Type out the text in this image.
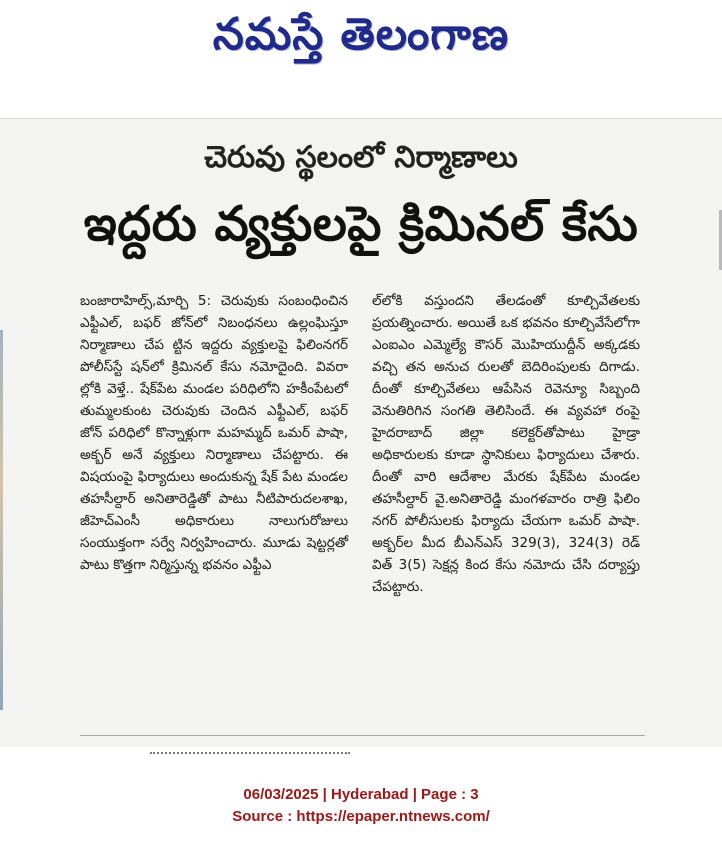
నమస్తే తెలంగాణ
చెరువు స్థలంలో నిర్మాణాలు
ఇద్దరు వ్యక్తులపై క్రిమినల్ కేసు
బంజారాహిల్స్,మార్చి 5: చెరువుకు సంబంధించిన ఎఫ్టీఎల్, బఫర్ జోన్‌లో నిబంధనలు ఉల్లంఘిస్తూ నిర్మాణాలు చేప ట్టిన ఇద్దరు వ్యక్తులపై ఫిలింనగర్ పోలీస్‌స్టే షన్‌లో క్రిమినల్ కేసు నమోదైంది. వివరా ల్లోకి వెళ్తే.. షేక్‌పేట మండల పరిధిలోని హకీంపేటలో తుమ్మలకుంట చెరువుకు చెందిన ఎఫ్టీఎల్, బఫర్ జోన్ పరిధిలో కొన్నాళ్లుగా మహమ్మద్ ఒమర్ పాషా, అక్బర్ అనే వ్యక్తులు నిర్మాణాలు చేపట్టారు. ఈ విషయంపై ఫిర్యాదులు అందుకున్న షేక్ పేట మండల తహసీల్దార్ అనితారెడ్డితో పాటు నీటిపారుదలశాఖ, జీహెచ్‌ఎంసీ అధికారులు నాలుగురోజులు సంయుక్తంగా సర్వే నిర్వహించారు. మూడు షెట్టర్లతో పాటు కొత్తగా నిర్మిస్తున్న భవనం ఎఫ్టీఎ
ల్‌లోకి వస్తుందని తేలడంతో కూల్చివేతలకు ప్రయత్నించారు. అయితే ఒక భవనం కూల్చివేసేలోగా ఎంఐఎం ఎమ్మెల్యే కౌసర్ మొహియుద్దీన్ అక్కడకు వచ్చి తన అనుచ రులతో బెదిరింపులకు దిగాడు. దీంతో కూల్చివేతలు ఆపేసిన రెవెన్యూ సిబ్బంది వెనుతిరిగిన సంగతి తెలిసిందే. ఈ వ్యవహా రంపై హైదరాబాద్ జిల్లా కలెక్టర్‌తోపాటు హైడ్రా అధికారులకు కూడా స్థానికులు ఫిర్యాదులు చేశారు. దీంతో వారి ఆదేశాల మేరకు షేక్‌పేట మండల తహసీల్దార్ వై.అనితారెడ్డి మంగళవారం రాత్రి ఫిలిం నగర్ పోలీసులకు ఫిర్యాదు చేయగా ఒమర్ పాషా. అక్బర్‌ల మీద బీఎన్ఎస్ 329(3), 324(3) రెడ్ విత్ 3(5) సెక్షన్ల కింద కేసు నమోదు చేసి దర్యాప్తు చేపట్టారు.
06/03/2025 | Hyderabad | Page : 3
Source : https://epaper.ntnews.com/
